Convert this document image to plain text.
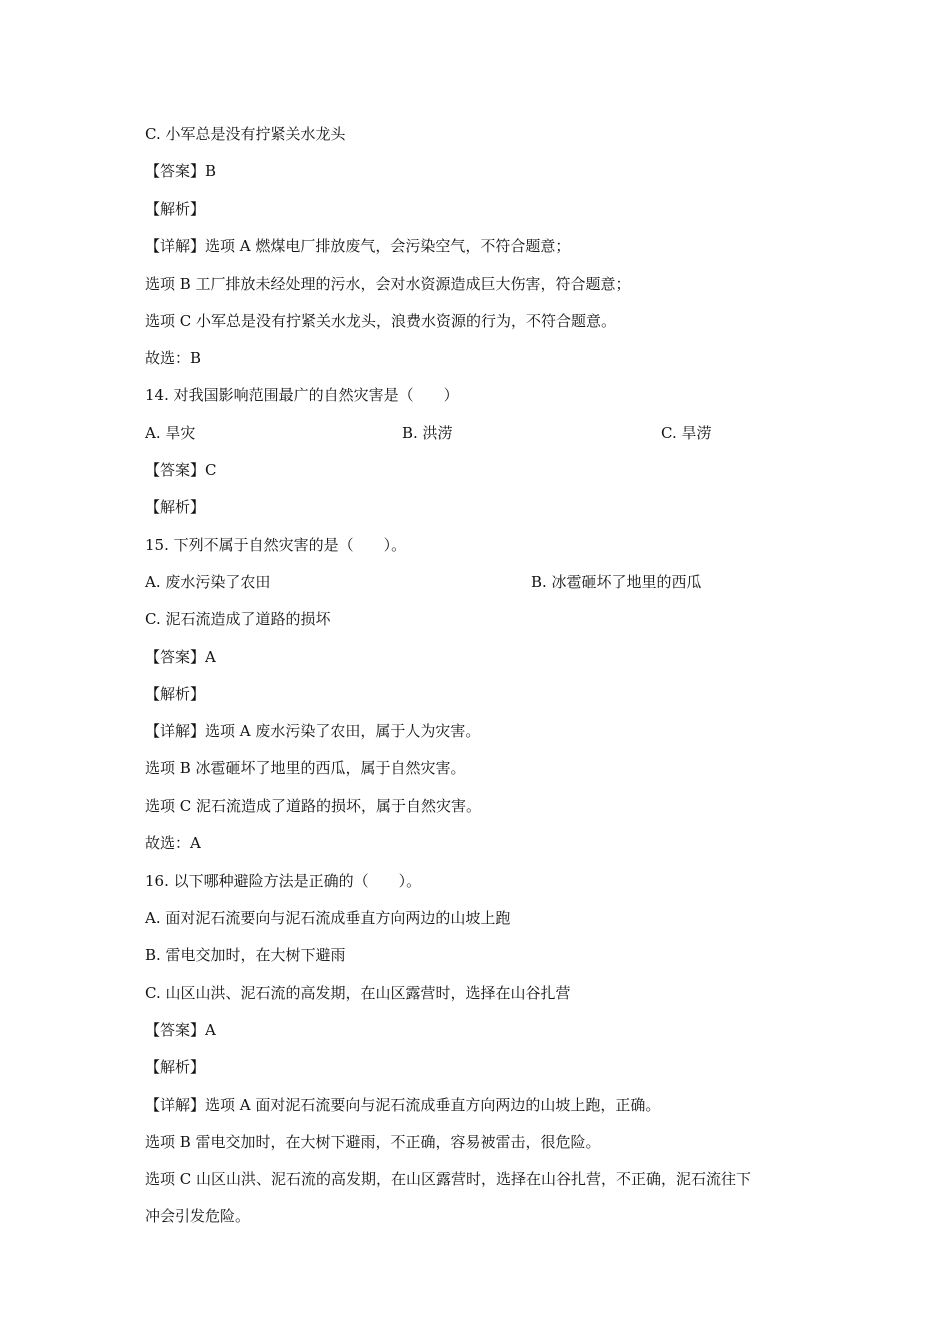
C. 小军总是没有拧紧关水龙头
【答案】B
【解析】
【详解】选项 A 燃煤电厂排放废气，会污染空气，不符合题意；
选项 B 工厂排放未经处理的污水，会对水资源造成巨大伤害，符合题意；
选项 C 小军总是没有拧紧关水龙头，浪费水资源的行为，不符合题意。
故选：B
14. 对我国影响范围最广的自然灾害是（　　）
A. 旱灾	B. 洪涝	C. 旱涝
【答案】C
【解析】
15. 下列不属于自然灾害的是（　　）。
A. 废水污染了农田	B. 冰雹砸坏了地里的西瓜
C. 泥石流造成了道路的损坏
【答案】A
【解析】
【详解】选项 A 废水污染了农田，属于人为灾害。
选项 B 冰雹砸坏了地里的西瓜，属于自然灾害。
选项 C 泥石流造成了道路的损坏，属于自然灾害。
故选：A
16. 以下哪种避险方法是正确的（　　）。
A. 面对泥石流要向与泥石流成垂直方向两边的山坡上跑
B. 雷电交加时，在大树下避雨
C. 山区山洪、泥石流的高发期，在山区露营时，选择在山谷扎营
【答案】A
【解析】
【详解】选项 A 面对泥石流要向与泥石流成垂直方向两边的山坡上跑，正确。
选项 B 雷电交加时，在大树下避雨，不正确，容易被雷击，很危险。
选项 C 山区山洪、泥石流的高发期，在山区露营时，选择在山谷扎营，不正确，泥石流往下
冲会引发危险。
